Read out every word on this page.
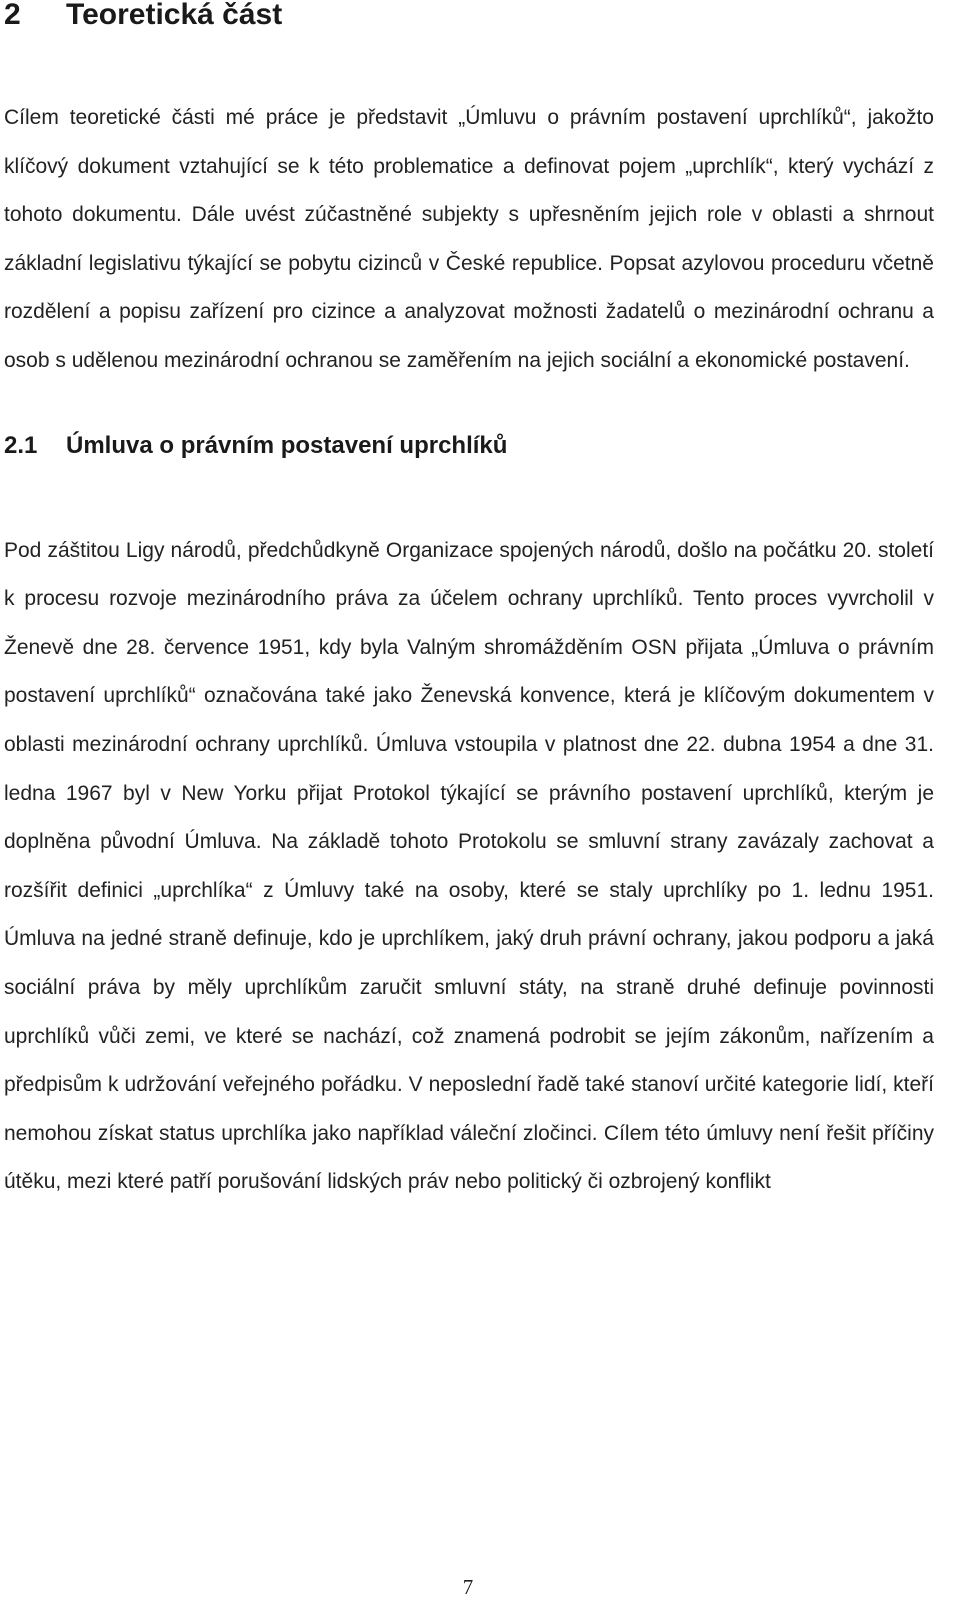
2 Teoretická část

Cílem teoretické části mé práce je představit „Úmluvu o právním postavení uprchlíků“, jakožto klíčový dokument vztahující se k této problematice a definovat pojem „uprchlík“, který vychází z tohoto dokumentu. Dále uvést zúčastněné subjekty s upřesněním jejich role v oblasti a shrnout základní legislativu týkající se pobytu cizinců v České republice. Popsat azylovou proceduru včetně rozdělení a popisu zařízení pro cizince a analyzovat možnosti žadatelů o mezinárodní ochranu a osob s udělenou mezinárodní ochranou se zaměřením na jejich sociální a ekonomické postavení.

2.1 Úmluva o právním postavení uprchlíků

Pod záštitou Ligy národů, předchůdkyně Organizace spojených národů, došlo na počátku 20. století k procesu rozvoje mezinárodního práva za účelem ochrany uprchlíků. Tento proces vyvrcholil v Ženevě dne 28. července 1951, kdy byla Valným shromážděním OSN přijata „Úmluva o právním postavení uprchlíků“ označována také jako Ženevská konvence, která je klíčovým dokumentem v oblasti mezinárodní ochrany uprchlíků. Úmluva vstoupila v platnost dne 22. dubna 1954 a dne 31. ledna 1967 byl v New Yorku přijat Protokol týkající se právního postavení uprchlíků, kterým je doplněna původní Úmluva. Na základě tohoto Protokolu se smluvní strany zavázaly zachovat a rozšířit definici „uprchlíka“ z Úmluvy také na osoby, které se staly uprchlíky po 1. lednu 1951. Úmluva na jedné straně definuje, kdo je uprchlíkem, jaký druh právní ochrany, jakou podporu a jaká sociální práva by měly uprchlíkům zaručit smluvní státy, na straně druhé definuje povinnosti uprchlíků vůči zemi, ve které se nachází, což znamená podrobit se jejím zákonům, nařízením a předpisům k udržování veřejného pořádku. V neposlední řadě také stanoví určité kategorie lidí, kteří nemohou získat status uprchlíka jako například váleční zločinci. Cílem této úmluvy není řešit příčiny útěku, mezi které patří porušování lidských práv nebo politický či ozbrojený konflikt

7
